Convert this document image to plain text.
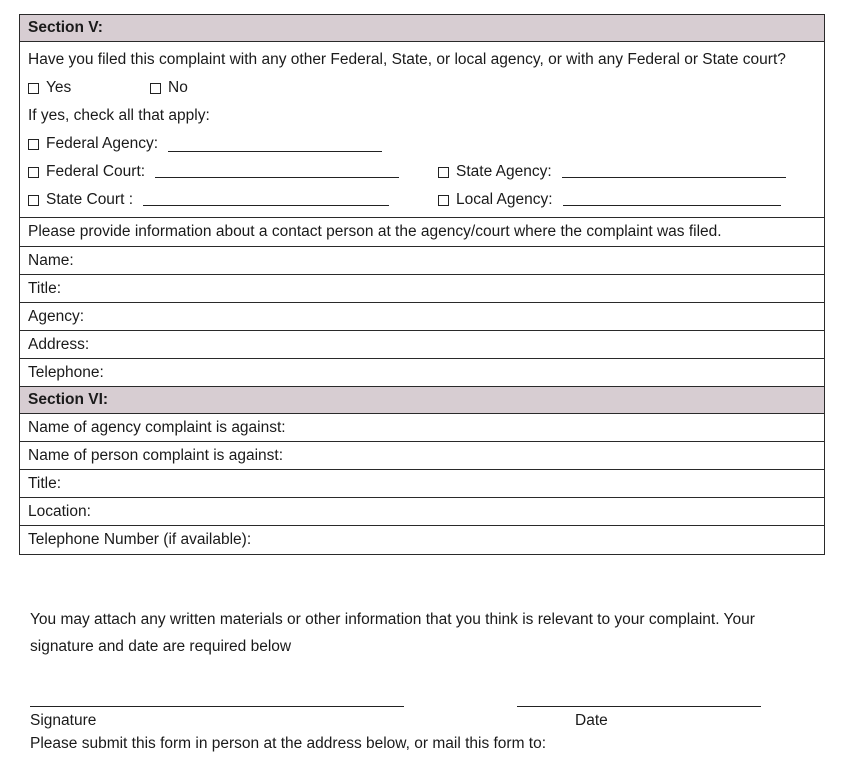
Section V:
Have you filed this complaint with any other Federal, State, or local agency, or with any Federal or State court?
Yes	No
If yes, check all that apply:
Federal Agency:
Federal Court:	State Agency:
State Court :	Local Agency:
Please provide information about a contact person at the agency/court where the complaint was filed.
Name:
Title:
Agency:
Address:
Telephone:
Section VI:
Name of agency complaint is against:
Name of person complaint is against:
Title:
Location:
Telephone Number (if available):
You may attach any written materials or other information that you think is relevant to your complaint. Your signature and date are required below
Signature	Date
Please submit this form in person at the address below, or mail this form to:
